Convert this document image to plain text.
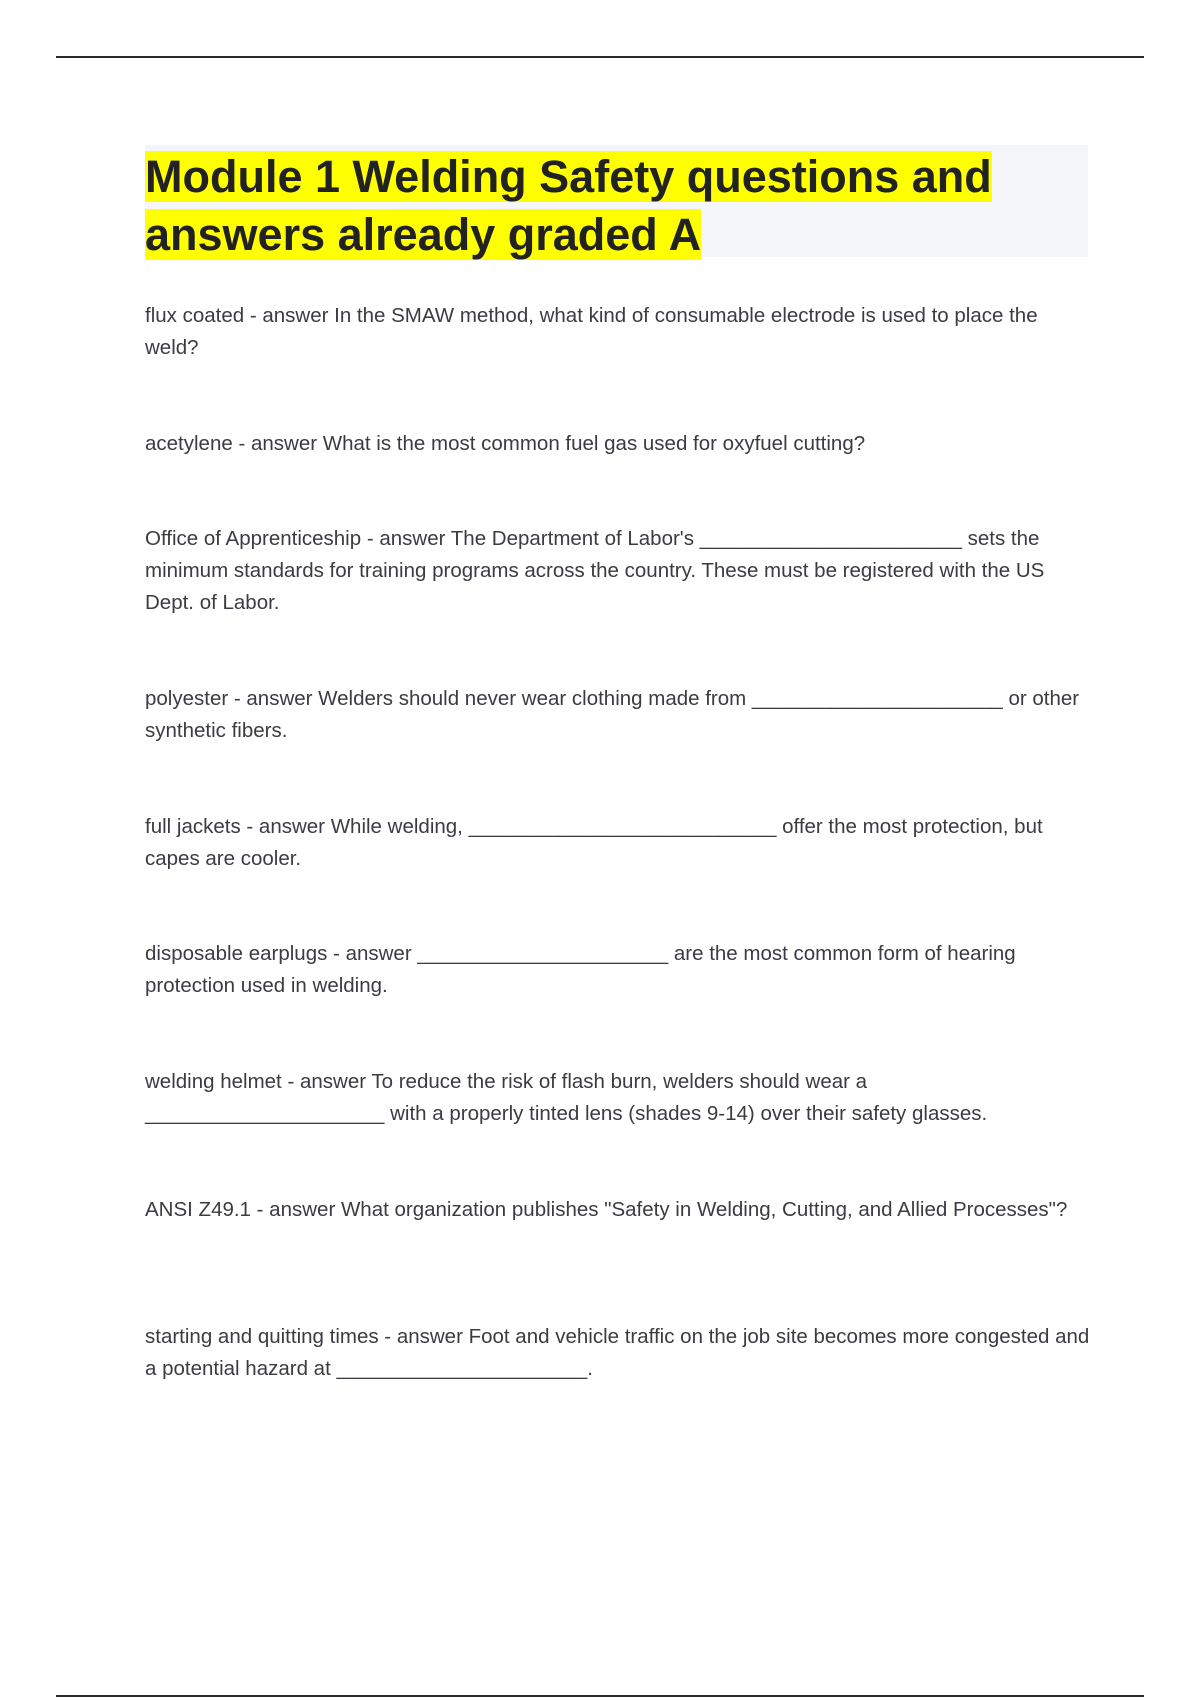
Module 1 Welding Safety questions and answers already graded A

flux coated - answer In the SMAW method, what kind of consumable electrode is used to place the weld?

acetylene - answer What is the most common fuel gas used for oxyfuel cutting?

Office of Apprenticeship - answer The Department of Labor's _______________________ sets the minimum standards for training programs across the country. These must be registered with the US Dept. of Labor.

polyester - answer Welders should never wear clothing made from ______________________ or other synthetic fibers.

full jackets - answer While welding, ___________________________ offer the most protection, but capes are cooler.

disposable earplugs - answer ______________________ are the most common form of hearing protection used in welding.

welding helmet - answer To reduce the risk of flash burn, welders should wear a _____________________ with a properly tinted lens (shades 9-14) over their safety glasses.

ANSI Z49.1 - answer What organization publishes "Safety in Welding, Cutting, and Allied Processes"?

starting and quitting times - answer Foot and vehicle traffic on the job site becomes more congested and a potential hazard at ______________________.
